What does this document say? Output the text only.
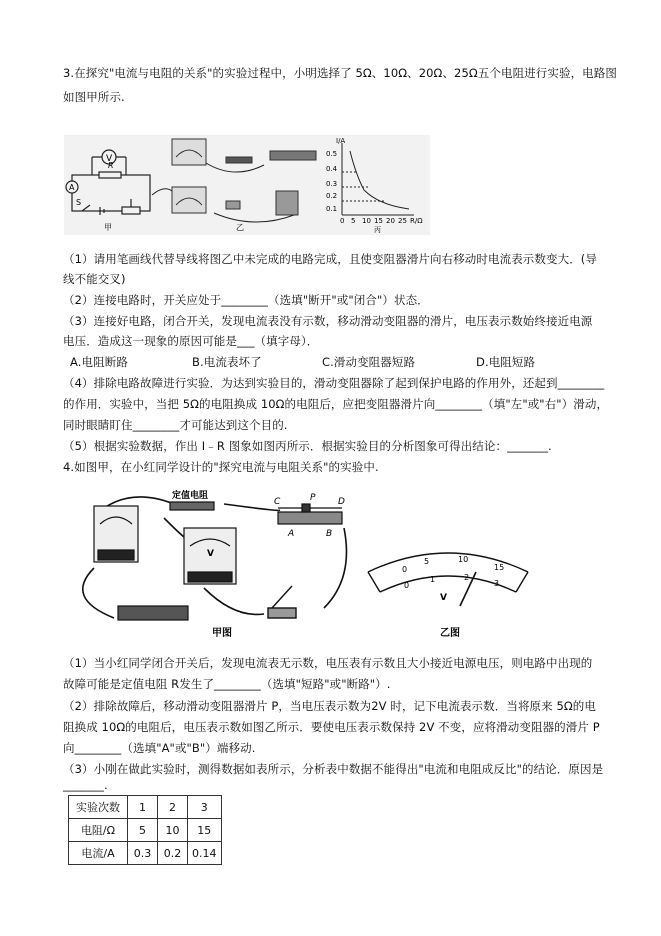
3.在探究"电流与电阻的关系"的实验过程中，小明选择了 5Ω、10Ω、20Ω、25Ω五个电阻进行实验，电路图
如图甲所示.
V
A
R
S
甲	乙
I/A
0.5
0.4
0.3
0.2
0.1
0 5 10 15 20 25 R/Ω
丙
（1）请用笔画线代替导线将图乙中未完成的电路完成，且使变阻器滑片向右移动时电流表示数变大．(导
线不能交叉)
（2）连接电路时，开关应处于________（选填"断开"或"闭合"）状态．
（3）连接好电路，闭合开关，发现电流表没有示数，移动滑动变阻器的滑片，电压表示数始终接近电源
电压．造成这一现象的原因可能是___（填字母）．
A.电阻断路	B.电流表坏了	C.滑动变阻器短路	D.电阻短路
（4）排除电路故障进行实验．为达到实验目的，滑动变阻器除了起到保护电路的作用外，还起到________
的作用．实验中，当把 5Ω的电阻换成 10Ω的电阻后，应把变阻器滑片向________（填"左"或"右"）滑动，
同时眼睛盯住________才可能达到这个目的.
（5）根据实验数据，作出 I﹣R 图象如图丙所示．根据实验目的分析图象可得出结论：_______.
4.如图甲，在小红同学设计的"探究电流与电阻关系"的实验中.
V
定值电阻
C	P	D
A	B
甲图
0
5	10
15
0
1	2
3
V
乙图
（1）当小红同学闭合开关后，发现电流表无示数，电压表有示数且大小接近电源电压，则电路中出现的
故障可能是定值电阻 R发生了________（选填"短路"或"断路"）.
（2）排除故障后，移动滑动变阻器滑片 P，当电压表示数为2V 时，记下电流表示数．当将原来 5Ω的电
阻换成 10Ω的电阻后，电压表示数如图乙所示．要使电压表示数保持 2V 不变，应将滑动变阻器的滑片 P
向________（选填"A"或"B"）端移动.
（3）小刚在做此实验时，测得数据如表所示，分析表中数据不能得出"电流和电阻成反比"的结论．原因是
_______.
实验次数	1	2	3
电阻/Ω	5	10	15
电流/A	0.3	0.2	0.14
